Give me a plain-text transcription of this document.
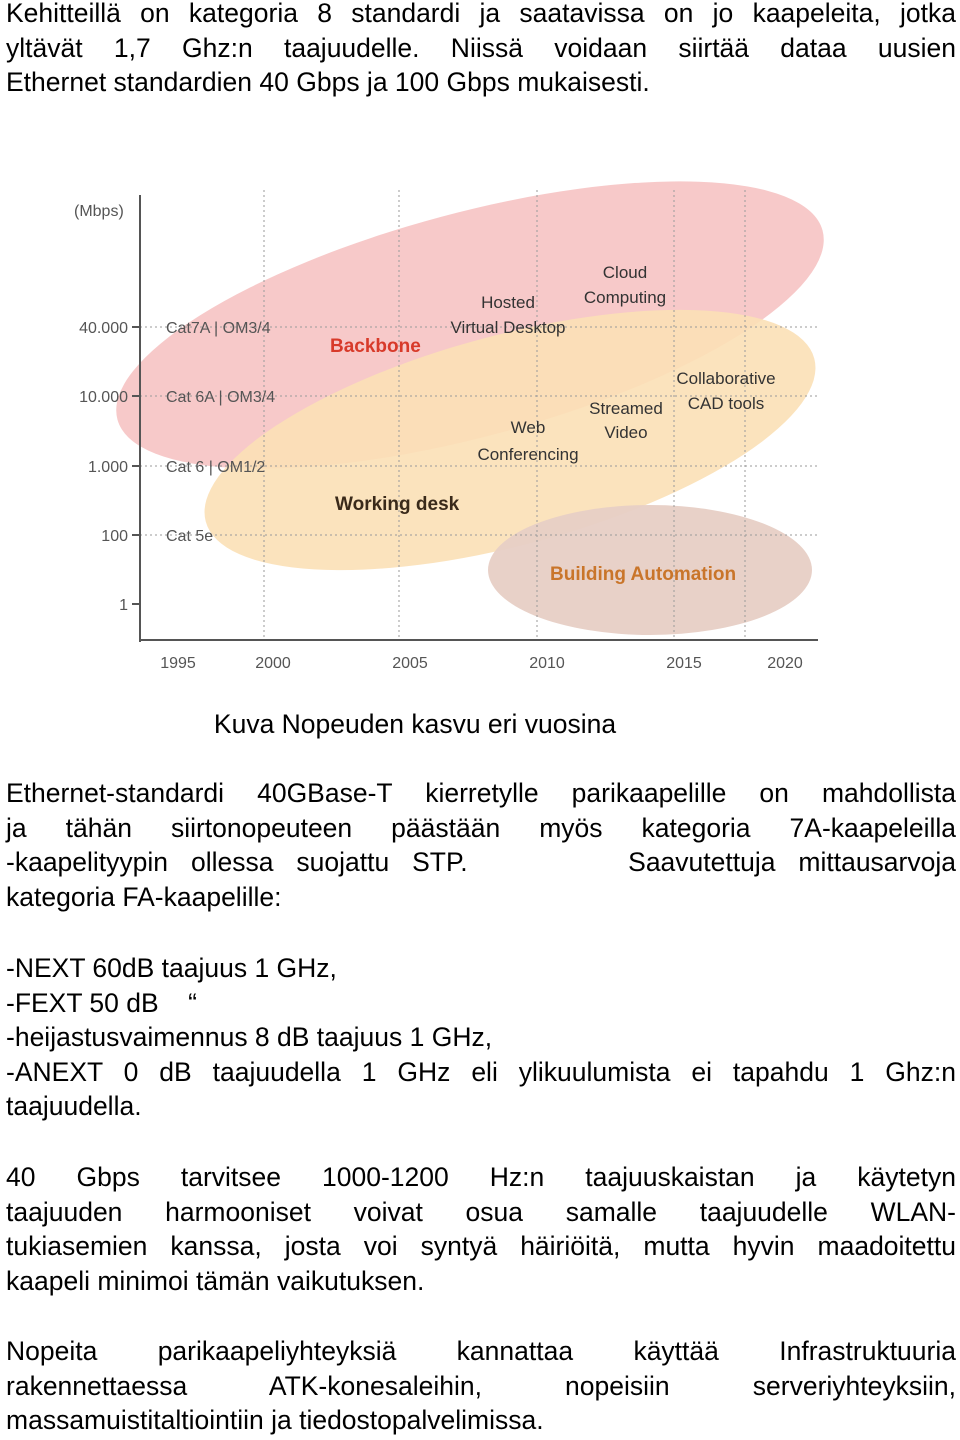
Kehitteillä on kategoria 8 standardi ja saatavissa on jo kaapeleita, jotka
yltävät 1,7 Ghz:n taajuudelle. Niissä voidaan siirtää dataa uusien
Ethernet standardien 40 Gbps ja 100 Gbps mukaisesti.
(Mbps)
40.000
10.000
1.000
100
1
Cat7A | OM3/4
Cat 6A | OM3/4
Cat 6 | OM1/2
Cat 5e
1995	2000	2005	2010	2015	2020
Backbone
Working desk
Building Automation
Cloud
Computing
Hosted
Virtual Desktop
Collaborative
CAD tools
Streamed
Video
Web
Conferencing
Kuva Nopeuden kasvu eri vuosina
Ethernet-standardi 40GBase-T kierretylle parikaapelille on mahdollista
ja tähän siirtonopeuteen päästään myös kategoria 7A-kaapeleilla
-kaapelityypin ollessa suojattu STP.       Saavutettuja mittausarvoja
kategoria FA-kaapelille:
-NEXT 60dB taajuus 1 GHz,
-FEXT 50 dB    “
-heijastusvaimennus 8 dB taajuus 1 GHz,
-ANEXT 0 dB taajuudella 1 GHz eli ylikuulumista ei tapahdu 1 Ghz:n
taajuudella.
40 Gbps tarvitsee 1000-1200 Hz:n taajuuskaistan ja käytetyn
taajuuden harmooniset voivat osua samalle taajuudelle WLAN-
tukiasemien kanssa, josta voi syntyä häiriöitä, mutta hyvin maadoitettu
kaapeli minimoi tämän vaikutuksen.
Nopeita parikaapeliyhteyksiä kannattaa käyttää Infrastruktuuria
rakennettaessa ATK-konesaleihin, nopeisiin serveriyhteyksiin,
massamuistitaltiointiin ja tiedostopalvelimissa.
